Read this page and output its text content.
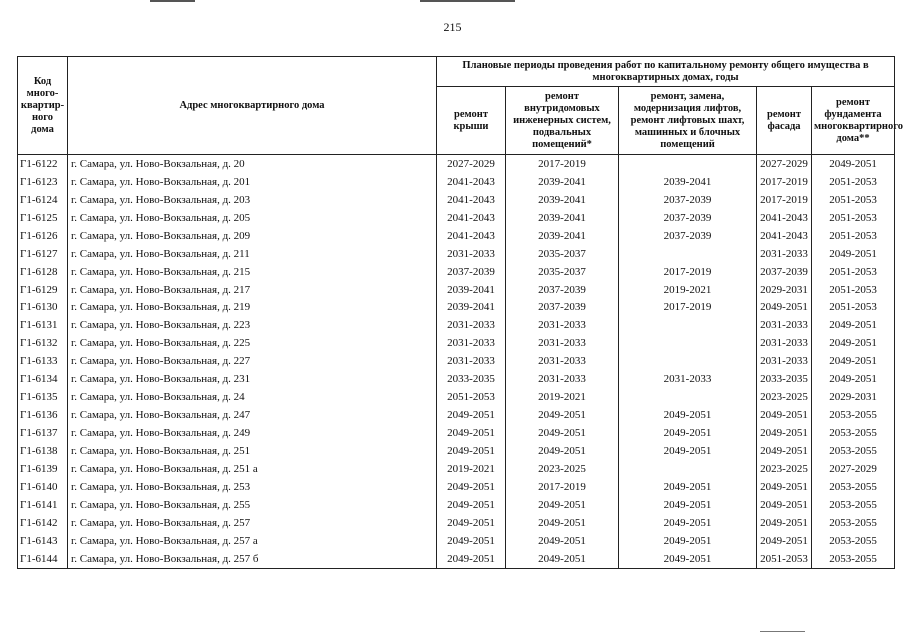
215
Код много-квартир-ного дома	Адрес многоквартирного дома	Плановые периоды проведения работ по капитальному ремонту общего имущества в многоквартирных домах, годы				
		ремонт крыши	ремонт внутридомовых инженерных систем, подвальных помещений*	ремонт, замена, модернизация лифтов, ремонт лифтовых шахт, машинных и блочных помещений	ремонт фасада	ремонт фундамента многоквартирного дома**
Г1-6122	г. Самара, ул. Ново-Вокзальная, д. 20	2027-2029	2017-2019		2027-2029	2049-2051
Г1-6123	г. Самара, ул. Ново-Вокзальная, д. 201	2041-2043	2039-2041	2039-2041	2017-2019	2051-2053
Г1-6124	г. Самара, ул. Ново-Вокзальная, д. 203	2041-2043	2039-2041	2037-2039	2017-2019	2051-2053
Г1-6125	г. Самара, ул. Ново-Вокзальная, д. 205	2041-2043	2039-2041	2037-2039	2041-2043	2051-2053
Г1-6126	г. Самара, ул. Ново-Вокзальная, д. 209	2041-2043	2039-2041	2037-2039	2041-2043	2051-2053
Г1-6127	г. Самара, ул. Ново-Вокзальная, д. 211	2031-2033	2035-2037		2031-2033	2049-2051
Г1-6128	г. Самара, ул. Ново-Вокзальная, д. 215	2037-2039	2035-2037	2017-2019	2037-2039	2051-2053
Г1-6129	г. Самара, ул. Ново-Вокзальная, д. 217	2039-2041	2037-2039	2019-2021	2029-2031	2051-2053
Г1-6130	г. Самара, ул. Ново-Вокзальная, д. 219	2039-2041	2037-2039	2017-2019	2049-2051	2051-2053
Г1-6131	г. Самара, ул. Ново-Вокзальная, д. 223	2031-2033	2031-2033		2031-2033	2049-2051
Г1-6132	г. Самара, ул. Ново-Вокзальная, д. 225	2031-2033	2031-2033		2031-2033	2049-2051
Г1-6133	г. Самара, ул. Ново-Вокзальная, д. 227	2031-2033	2031-2033		2031-2033	2049-2051
Г1-6134	г. Самара, ул. Ново-Вокзальная, д. 231	2033-2035	2031-2033	2031-2033	2033-2035	2049-2051
Г1-6135	г. Самара, ул. Ново-Вокзальная, д. 24	2051-2053	2019-2021		2023-2025	2029-2031
Г1-6136	г. Самара, ул. Ново-Вокзальная, д. 247	2049-2051	2049-2051	2049-2051	2049-2051	2053-2055
Г1-6137	г. Самара, ул. Ново-Вокзальная, д. 249	2049-2051	2049-2051	2049-2051	2049-2051	2053-2055
Г1-6138	г. Самара, ул. Ново-Вокзальная, д. 251	2049-2051	2049-2051	2049-2051	2049-2051	2053-2055
Г1-6139	г. Самара, ул. Ново-Вокзальная, д. 251 а	2019-2021	2023-2025		2023-2025	2027-2029
Г1-6140	г. Самара, ул. Ново-Вокзальная, д. 253	2049-2051	2017-2019	2049-2051	2049-2051	2053-2055
Г1-6141	г. Самара, ул. Ново-Вокзальная, д. 255	2049-2051	2049-2051	2049-2051	2049-2051	2053-2055
Г1-6142	г. Самара, ул. Ново-Вокзальная, д. 257	2049-2051	2049-2051	2049-2051	2049-2051	2053-2055
Г1-6143	г. Самара, ул. Ново-Вокзальная, д. 257 а	2049-2051	2049-2051	2049-2051	2049-2051	2053-2055
Г1-6144	г. Самара, ул. Ново-Вокзальная, д. 257 б	2049-2051	2049-2051	2049-2051	2051-2053	2053-2055
